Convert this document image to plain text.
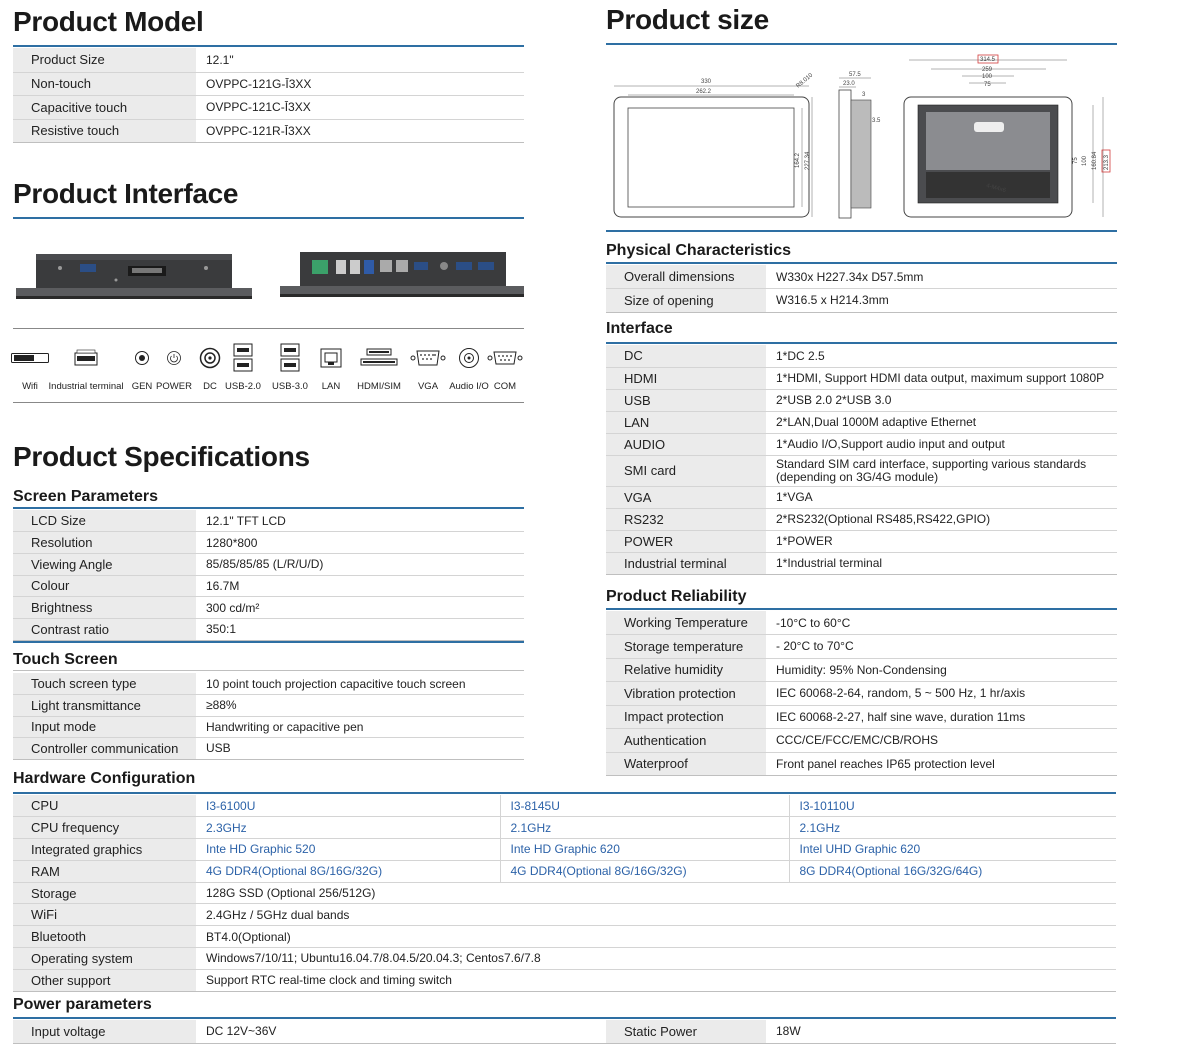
Product Model
Product Size	12.1"
Non-touch	OVPPC-121G-Ī3XX
Capacitive touch	OVPPC-121C-Ī3XX
Resistive touch	OVPPC-121R-Ī3XX
Product Interface
Wifi Industrial terminal GEN POWER DC USB-2.0 USB-3.0 LAN HDMI/SIM VGA Audio I/O COM
Product Specifications
Screen Parameters
LCD Size	12.1" TFT LCD
Resolution	1280*800
Viewing Angle	85/85/85/85 (L/R/U/D)
Colour	16.7M
Brightness	300 cd/m²
Contrast ratio	350:1
Touch Screen
Touch screen type	10 point touch projection capacitive touch screen
Light transmittance	≥88%
Input mode	Handwriting or capacitive pen
Controller communication	USB
Hardware Configuration
CPU	I3-6100U	I3-8145U	I3-10110U
CPU frequency	2.3GHz	2.1GHz	2.1GHz
Integrated graphics	Inte HD Graphic 520	Inte HD Graphic 620	Intel UHD Graphic 620
RAM	4G DDR4(Optional 8G/16G/32G)	4G DDR4(Optional 8G/16G/32G)	8G DDR4(Optional 16G/32G/64G)
Storage	128G SSD (Optional 256/512G)		
WiFi	2.4GHz / 5GHz dual bands		
Bluetooth	BT4.0(Optional)		
Operating system	Windows7/10/11; Ubuntu16.04.7/8.04.5/20.04.3; Centos7.6/7.8		
Other support	Support RTC real-time clock and timing switch		
Power parameters
Input voltage	DC 12V~36V	Static Power	18W
Product size
330
262.2
R8.010
164.2 227.34
57.5
23.0
3
3.5
314.5
259
100
75
75 100 160.84 213.3
4-M4x6
Physical Characteristics
Overall dimensions	W330x H227.34x D57.5mm
Size of opening	W316.5 x H214.3mm
Interface
DC	1*DC 2.5
HDMI	1*HDMI, Support HDMI data output, maximum support 1080P
USB	2*USB 2.0 2*USB 3.0
LAN	2*LAN,Dual 1000M adaptive Ethernet
AUDIO	1*Audio I/O,Support audio input and output
SMI card	Standard SIM card interface, supporting various standards (depending on 3G/4G module)
VGA	1*VGA
RS232	2*RS232(Optional RS485,RS422,GPIO)
POWER	1*POWER
Industrial terminal	1*Industrial terminal
Product Reliability
Working Temperature	-10°C to 60°C
Storage temperature	- 20°C to 70°C
Relative humidity	Humidity: 95% Non-Condensing
Vibration protection	IEC 60068-2-64, random, 5 ~ 500 Hz, 1 hr/axis
Impact protection	IEC 60068-2-27, half sine wave, duration 11ms
Authentication	CCC/CE/FCC/EMC/CB/ROHS
Waterproof	Front panel reaches IP65 protection level
